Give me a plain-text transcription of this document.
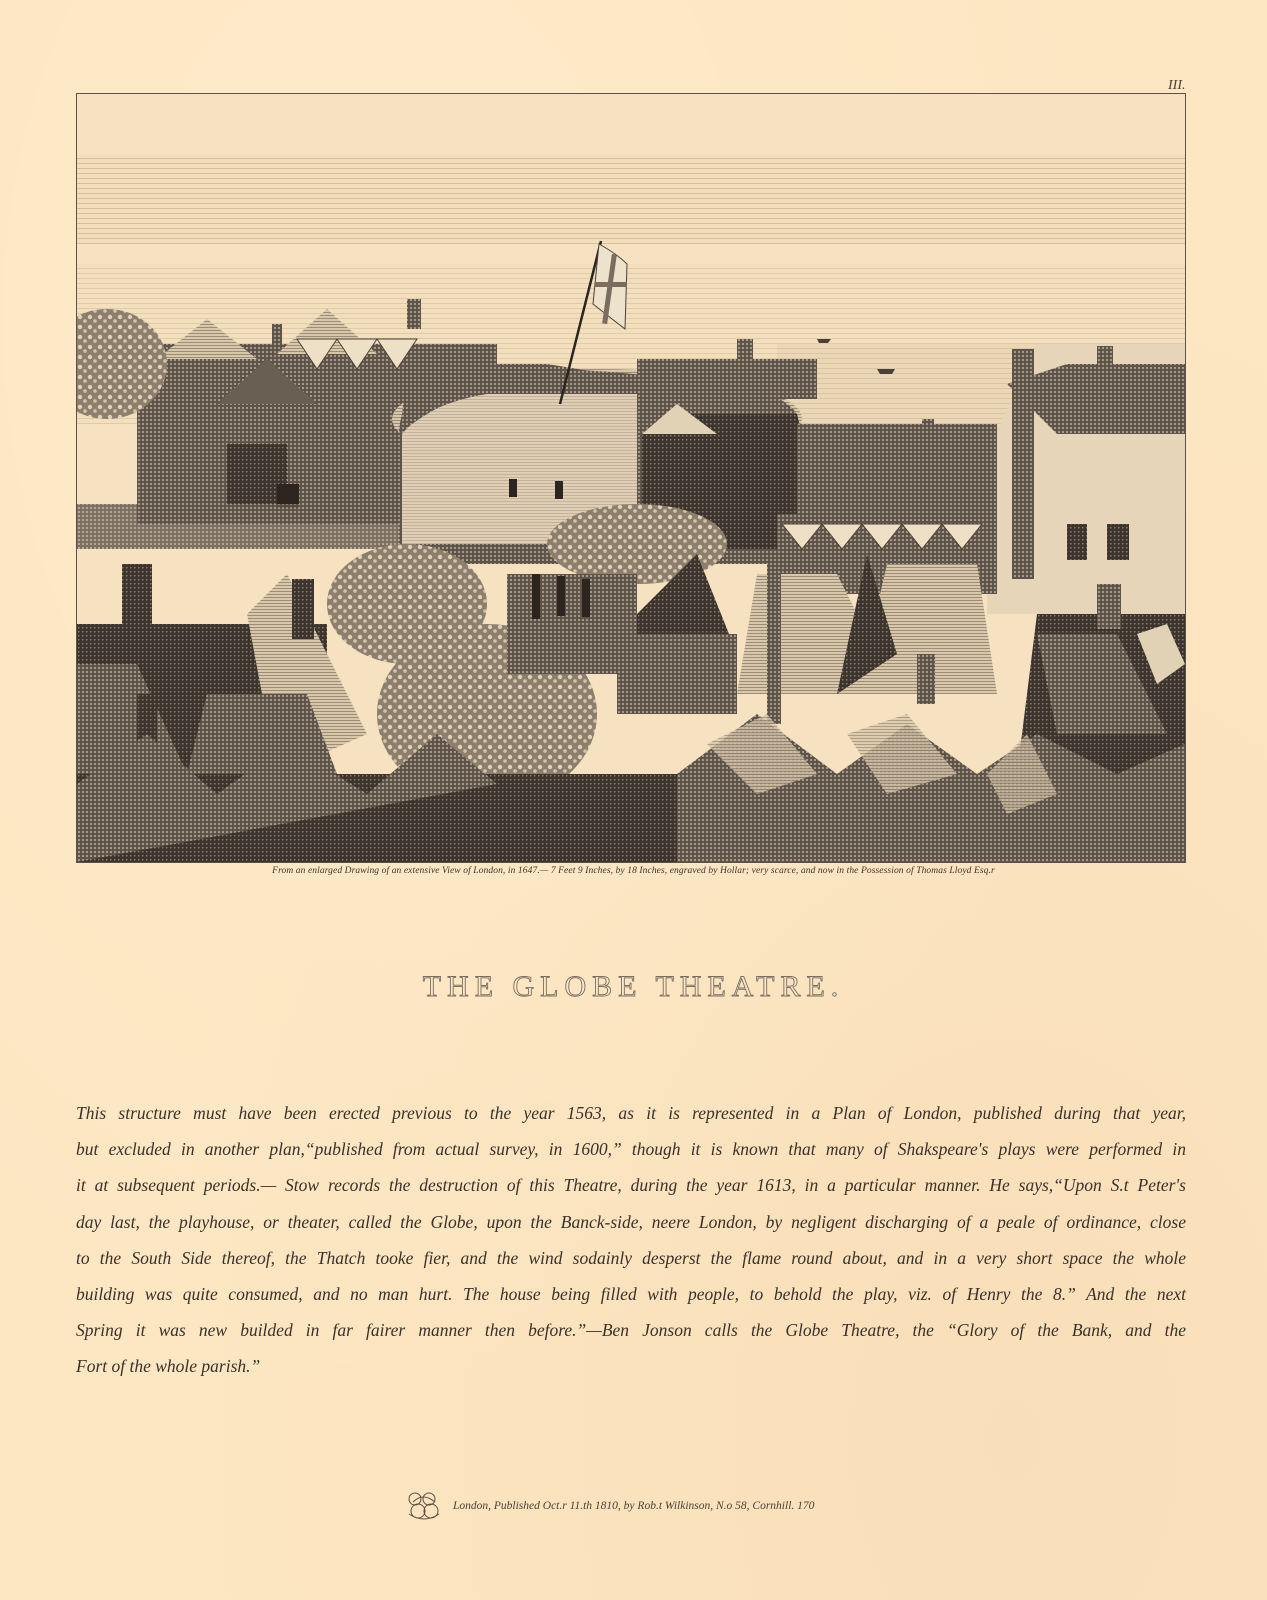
III.
From an enlarged Drawing of an extensive View of London, in 1647.— 7 Feet 9 Inches, by 18 Inches, engraved by Hollar; very scarce, and now in the Possession of Thomas Lloyd Esq.r
THE GLOBE THEATRE.
This structure must have been erected previous to the year 1563, as it is represented in a Plan of London, published during that year,
but excluded in another plan,“published from actual survey, in 1600,” though it is known that many of Shakspeare's plays were performed in
it at subsequent periods.— Stow records the destruction of this Theatre, during the year 1613, in a particular manner. He says,“Upon S.t Peter's
day last, the playhouse, or theater, called the Globe, upon the Banck-side, neere London, by negligent discharging of a peale of ordinance, close
to the South Side thereof, the Thatch tooke fier, and the wind sodainly desperst the flame round about, and in a very short space the whole
building was quite consumed, and no man hurt. The house being filled with people, to behold the play, viz. of Henry the 8.” And the next
Spring it was new builded in far fairer manner then before.”—Ben Jonson calls the Globe Theatre, the “Glory of the Bank, and the
Fort of the whole parish.”
London, Published Oct.r 11.th 1810, by Rob.t Wilkinson, N.o 58, Cornhill. 170
